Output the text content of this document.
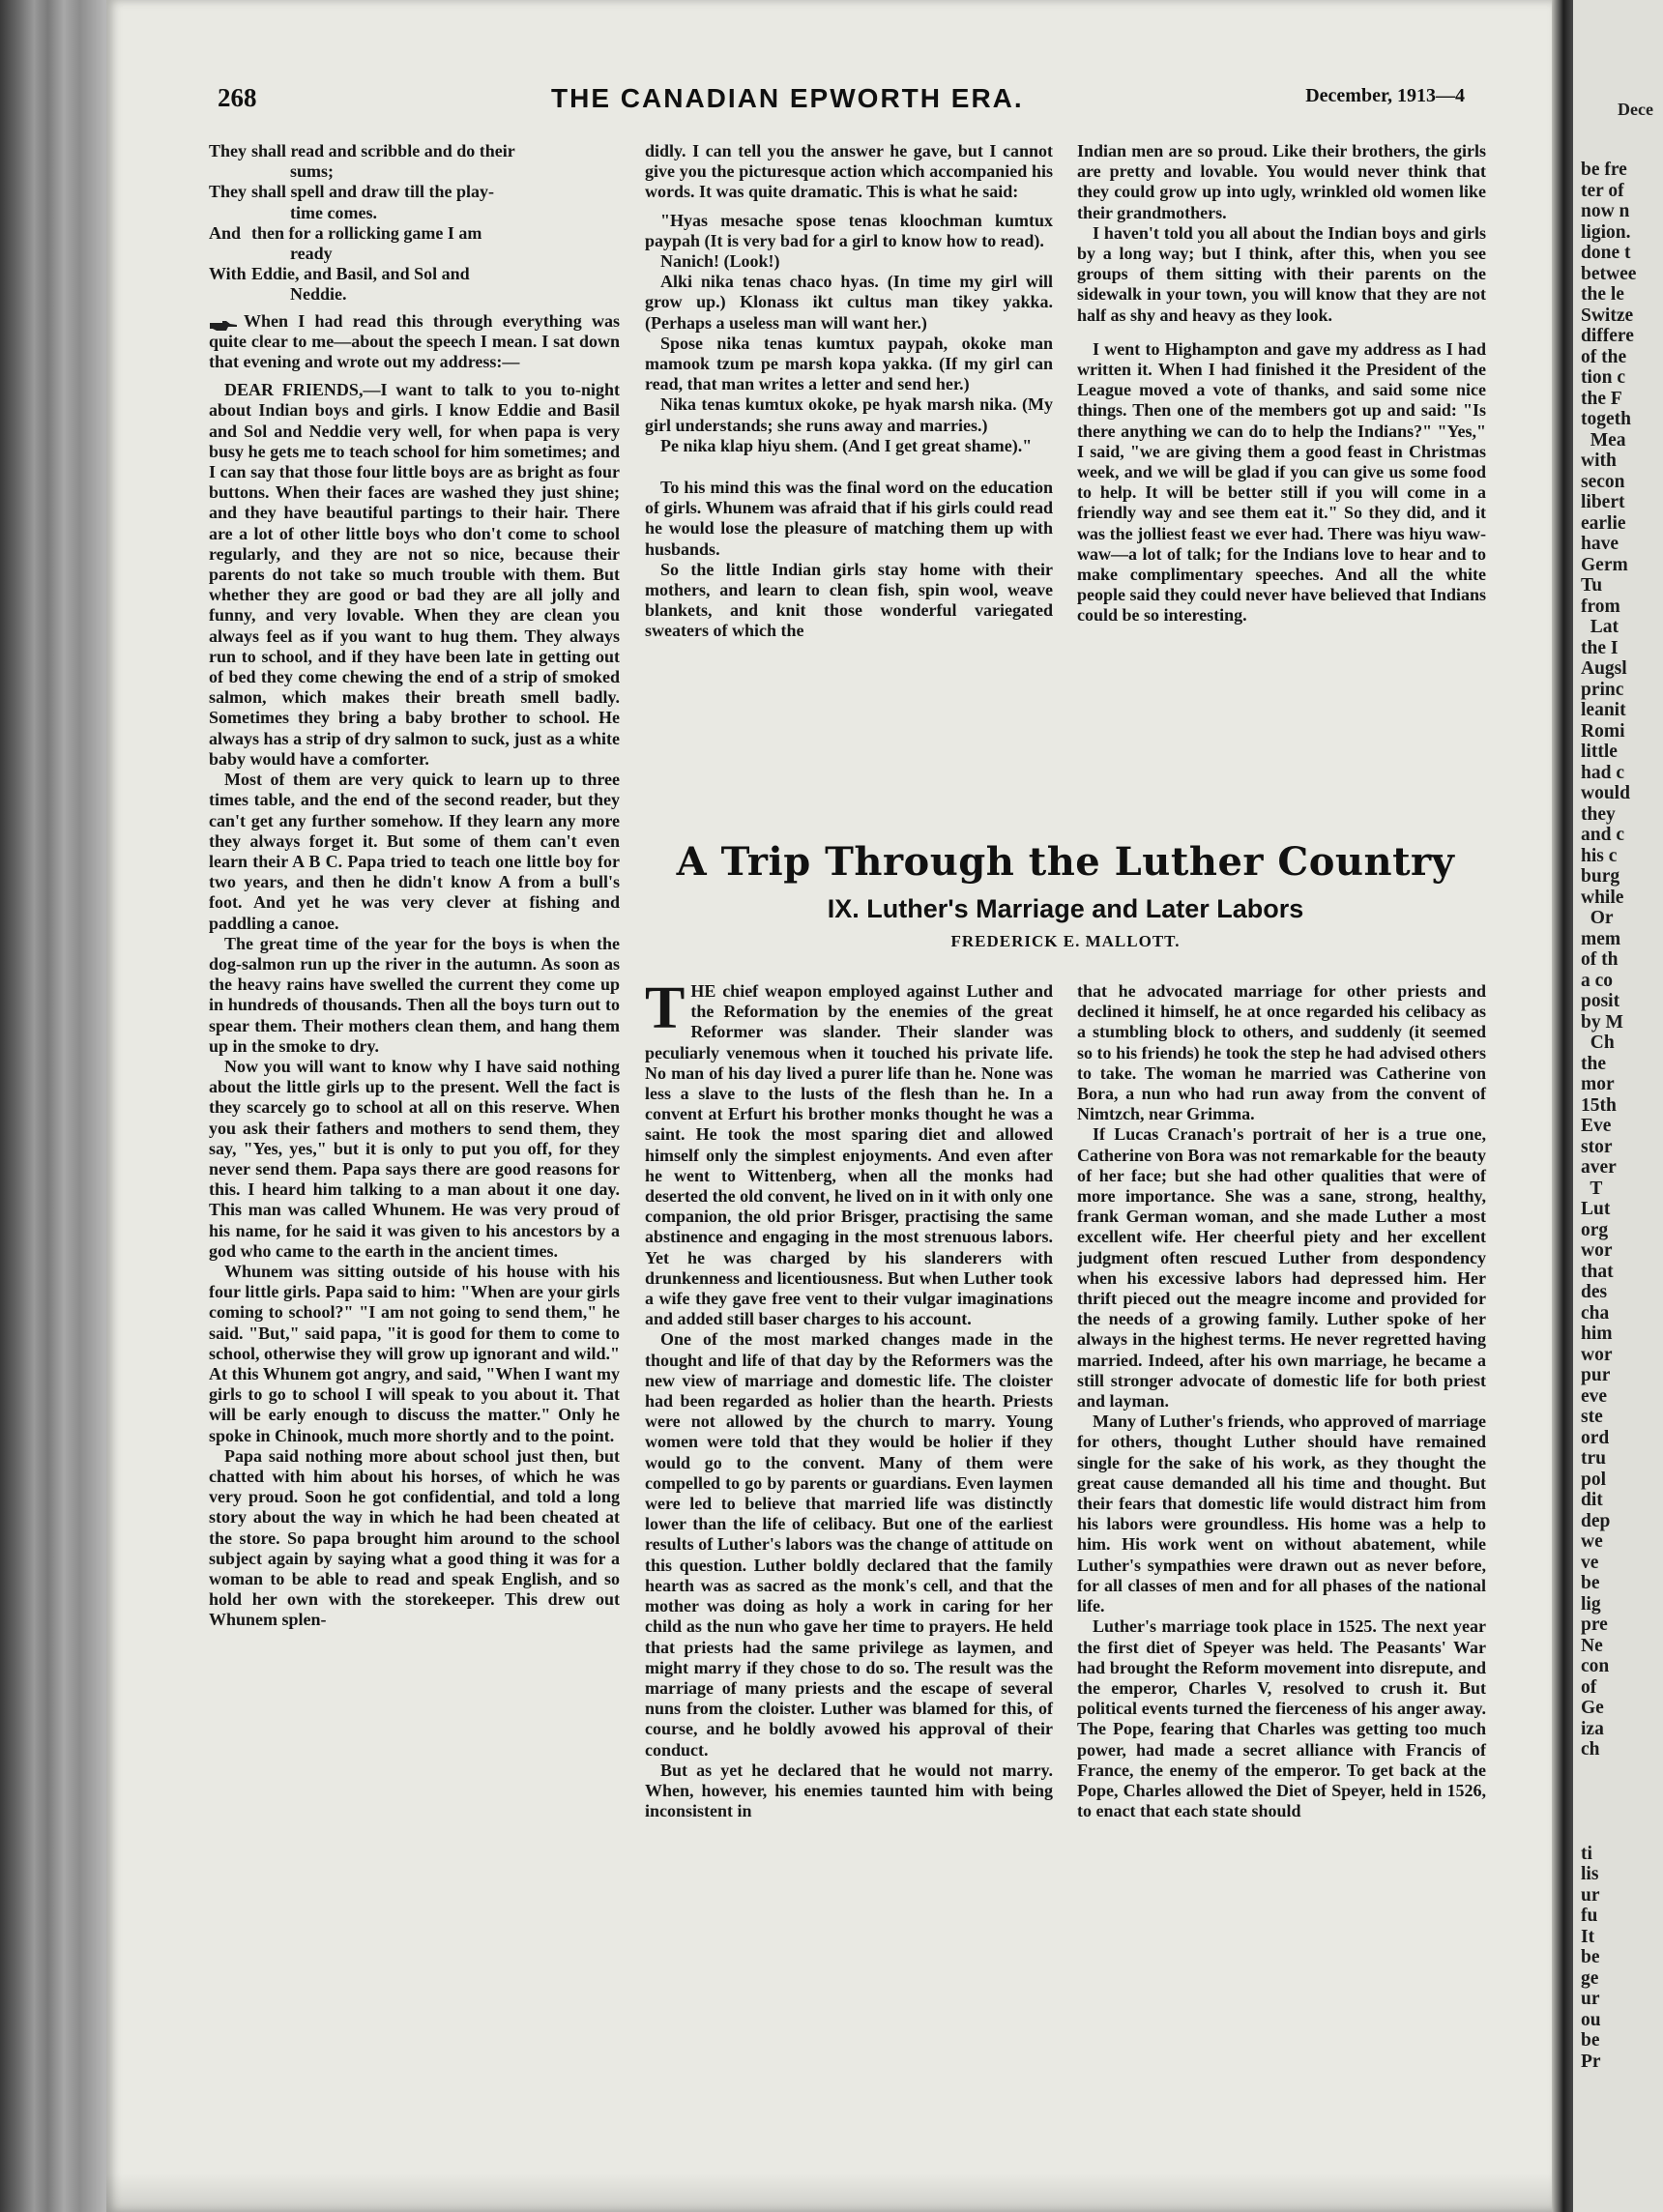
Dece
be fre
ter of
now n
ligion.
done t
betwee
the le
Switze
differe
of the
tion c
the F
togeth
Mea
with
secon
libert
earlie
have
Germ
Tu
from
Lat
the I
Augsl
princ
leanit
Romi
little
had c
would
they
and c
his c
burg
while
Or
mem
of th
a co
posit
by M
Ch
the
mor
15th
Eve
stor
aver
T
Lut
org
wor
that
des
cha
him
wor
pur
eve
ste
ord
tru
pol
dit
dep
we
ve
be
lig
pre
Ne
con
of
Ge
iza
ch

ti
lis
ur
fu
It
be
ge
ur
ou
be
Pr
268	THE CANADIAN EPWORTH ERA.	December, 1913—4
They shall read and scribble and do their
sums;
They shall spell and draw till the play-
time comes.
And then for a rollicking game I am
ready
With Eddie, and Basil, and Sol and
Neddie.

When I had read this through everything was quite clear to me—about the speech I mean. I sat down that evening and wrote out my address:—

DEAR FRIENDS,—I want to talk to you to-night about Indian boys and girls. I know Eddie and Basil and Sol and Neddie very well, for when papa is very busy he gets me to teach school for him sometimes; and I can say that those four little boys are as bright as four buttons. When their faces are washed they just shine; and they have beautiful partings to their hair. There are a lot of other little boys who don't come to school regularly, and they are not so nice, because their parents do not take so much trouble with them. But whether they are good or bad they are all jolly and funny, and very lovable. When they are clean you always feel as if you want to hug them. They always run to school, and if they have been late in getting out of bed they come chewing the end of a strip of smoked salmon, which makes their breath smell badly. Sometimes they bring a baby brother to school. He always has a strip of dry salmon to suck, just as a white baby would have a comforter.

Most of them are very quick to learn up to three times table, and the end of the second reader, but they can't get any further somehow. If they learn any more they always forget it. But some of them can't even learn their A B C. Papa tried to teach one little boy for two years, and then he didn't know A from a bull's foot. And yet he was very clever at fishing and paddling a canoe.

The great time of the year for the boys is when the dog-salmon run up the river in the autumn. As soon as the heavy rains have swelled the current they come up in hundreds of thousands. Then all the boys turn out to spear them. Their mothers clean them, and hang them up in the smoke to dry.

Now you will want to know why I have said nothing about the little girls up to the present. Well the fact is they scarcely go to school at all on this reserve. When you ask their fathers and mothers to send them, they say, "Yes, yes," but it is only to put you off, for they never send them. Papa says there are good reasons for this. I heard him talking to a man about it one day. This man was called Whunem. He was very proud of his name, for he said it was given to his ancestors by a god who came to the earth in the ancient times.

Whunem was sitting outside of his house with his four little girls. Papa said to him: "When are your girls coming to school?" "I am not going to send them," he said. "But," said papa, "it is good for them to come to school, otherwise they will grow up ignorant and wild." At this Whunem got angry, and said, "When I want my girls to go to school I will speak to you about it. That will be early enough to discuss the matter." Only he spoke in Chinook, much more shortly and to the point.

Papa said nothing more about school just then, but chatted with him about his horses, of which he was very proud. Soon he got confidential, and told a long story about the way in which he had been cheated at the store. So papa brought him around to the school subject again by saying what a good thing it was for a woman to be able to read and speak English, and so hold her own with the storekeeper. This drew out Whunem splen-

didly. I can tell you the answer he gave, but I cannot give you the picturesque action which accompanied his words. It was quite dramatic. This is what he said:

"Hyas mesache spose tenas kloochman kumtux paypah (It is very bad for a girl to know how to read).

Nanich! (Look!)

Alki nika tenas chaco hyas. (In time my girl will grow up.) Klonass ikt cultus man tikey yakka. (Perhaps a useless man will want her.)

Spose nika tenas kumtux paypah, okoke man mamook tzum pe marsh kopa yakka. (If my girl can read, that man writes a letter and send her.)

Nika tenas kumtux okoke, pe hyak marsh nika. (My girl understands; she runs away and marries.)

Pe nika klap hiyu shem. (And I get great shame)."

To his mind this was the final word on the education of girls. Whunem was afraid that if his girls could read he would lose the pleasure of matching them up with husbands.

So the little Indian girls stay home with their mothers, and learn to clean fish, spin wool, weave blankets, and knit those wonderful variegated sweaters of which the

Indian men are so proud. Like their brothers, the girls are pretty and lovable. You would never think that they could grow up into ugly, wrinkled old women like their grandmothers.

I haven't told you all about the Indian boys and girls by a long way; but I think, after this, when you see groups of them sitting with their parents on the sidewalk in your town, you will know that they are not half as shy and heavy as they look.

I went to Highampton and gave my address as I had written it. When I had finished it the President of the League moved a vote of thanks, and said some nice things. Then one of the members got up and said: "Is there anything we can do to help the Indians?" "Yes," I said, "we are giving them a good feast in Christmas week, and we will be glad if you can give us some food to help. It will be better still if you will come in a friendly way and see them eat it." So they did, and it was the jolliest feast we ever had. There was hiyu waw-waw—a lot of talk; for the Indians love to hear and to make complimentary speeches. And all the white people said they could never have believed that Indians could be so interesting.

A Trip Through the Luther Country
IX. Luther's Marriage and Later Labors
FREDERICK E. MALLOTT.

THE chief weapon employed against Luther and the Reformation by the enemies of the great Reformer was slander. Their slander was peculiarly venemous when it touched his private life. No man of his day lived a purer life than he. None was less a slave to the lusts of the flesh than he. In a convent at Erfurt his brother monks thought he was a saint. He took the most sparing diet and allowed himself only the simplest enjoyments. And even after he went to Wittenberg, when all the monks had deserted the old convent, he lived on in it with only one companion, the old prior Brisger, practising the same abstinence and engaging in the most strenuous labors. Yet he was charged by his slanderers with drunkenness and licentiousness. But when Luther took a wife they gave free vent to their vulgar imaginations and added still baser charges to his account.

One of the most marked changes made in the thought and life of that day by the Reformers was the new view of marriage and domestic life. The cloister had been regarded as holier than the hearth. Priests were not allowed by the church to marry. Young women were told that they would be holier if they would go to the convent. Many of them were compelled to go by parents or guardians. Even laymen were led to believe that married life was distinctly lower than the life of celibacy. But one of the earliest results of Luther's labors was the change of attitude on this question. Luther boldly declared that the family hearth was as sacred as the monk's cell, and that the mother was doing as holy a work in caring for her child as the nun who gave her time to prayers. He held that priests had the same privilege as laymen, and might marry if they chose to do so. The result was the marriage of many priests and the escape of several nuns from the cloister. Luther was blamed for this, of course, and he boldly avowed his approval of their conduct.

But as yet he declared that he would not marry. When, however, his enemies taunted him with being inconsistent in

that he advocated marriage for other priests and declined it himself, he at once regarded his celibacy as a stumbling block to others, and suddenly (it seemed so to his friends) he took the step he had advised others to take. The woman he married was Catherine von Bora, a nun who had run away from the convent of Nimtzch, near Grimma.

If Lucas Cranach's portrait of her is a true one, Catherine von Bora was not remarkable for the beauty of her face; but she had other qualities that were of more importance. She was a sane, strong, healthy, frank German woman, and she made Luther a most excellent wife. Her cheerful piety and her excellent judgment often rescued Luther from despondency when his excessive labors had depressed him. Her thrift pieced out the meagre income and provided for the needs of a growing family. Luther spoke of her always in the highest terms. He never regretted having married. Indeed, after his own marriage, he became a still stronger advocate of domestic life for both priest and layman.

Many of Luther's friends, who approved of marriage for others, thought Luther should have remained single for the sake of his work, as they thought the great cause demanded all his time and thought. But their fears that domestic life would distract him from his labors were groundless. His home was a help to him. His work went on without abatement, while Luther's sympathies were drawn out as never before, for all classes of men and for all phases of the national life.

Luther's marriage took place in 1525. The next year the first diet of Speyer was held. The Peasants' War had brought the Reform movement into disrepute, and the emperor, Charles V, resolved to crush it. But political events turned the fierceness of his anger away. The Pope, fearing that Charles was getting too much power, had made a secret alliance with Francis of France, the enemy of the emperor. To get back at the Pope, Charles allowed the Diet of Speyer, held in 1526, to enact that each state should
